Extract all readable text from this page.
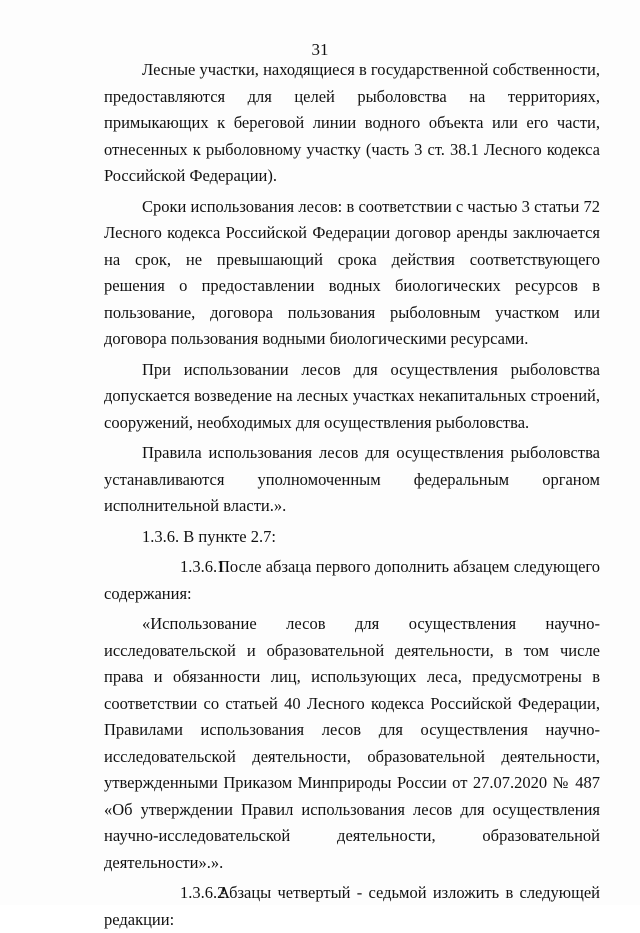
31

Лесные участки, находящиеся в государственной собственности, предоставляются для целей рыболовства на территориях, примыкающих к береговой линии водного объекта или его части, отнесенных к рыболовному участку (часть 3 ст. 38.1 Лесного кодекса Российской Федерации).

Сроки использования лесов: в соответствии с частью 3 статьи 72 Лесного кодекса Российской Федерации договор аренды заключается на срок, не превышающий срока действия соответствующего решения о предоставлении водных биологических ресурсов в пользование, договора пользования рыболовным участком или договора пользования водными биологическими ресурсами.

При использовании лесов для осуществления рыболовства допускается возведение на лесных участках некапитальных строений, сооружений, необходимых для осуществления рыболовства.

Правила использования лесов для осуществления рыболовства устанавливаются уполномоченным федеральным органом исполнительной власти.».

1.3.6. В пункте 2.7:

1.3.6.1.После абзаца первого дополнить абзацем следующего содержания:

«Использование лесов для осуществления научно-исследовательской и образовательной деятельности, в том числе права и обязанности лиц, использующих леса, предусмотрены в соответствии со статьей 40 Лесного кодекса Российской Федерации, Правилами использования лесов для осуществления научно-исследовательской деятельности, образовательной деятельности, утвержденными Приказом Минприроды России от 27.07.2020 № 487 «Об утверждении Правил использования лесов для осуществления научно-исследовательской деятельности, образовательной деятельности».».

1.3.6.2.Абзацы четвертый - седьмой изложить в следующей редакции:
